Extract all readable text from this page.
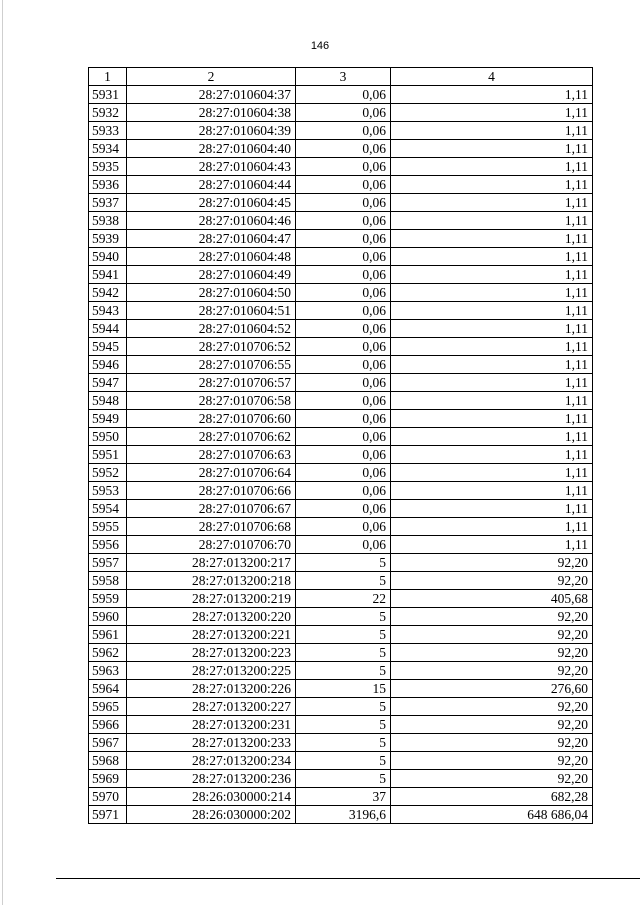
146
1	2	3	4
5931	28:27:010604:37	0,06	1,11
5932	28:27:010604:38	0,06	1,11
5933	28:27:010604:39	0,06	1,11
5934	28:27:010604:40	0,06	1,11
5935	28:27:010604:43	0,06	1,11
5936	28:27:010604:44	0,06	1,11
5937	28:27:010604:45	0,06	1,11
5938	28:27:010604:46	0,06	1,11
5939	28:27:010604:47	0,06	1,11
5940	28:27:010604:48	0,06	1,11
5941	28:27:010604:49	0,06	1,11
5942	28:27:010604:50	0,06	1,11
5943	28:27:010604:51	0,06	1,11
5944	28:27:010604:52	0,06	1,11
5945	28:27:010706:52	0,06	1,11
5946	28:27:010706:55	0,06	1,11
5947	28:27:010706:57	0,06	1,11
5948	28:27:010706:58	0,06	1,11
5949	28:27:010706:60	0,06	1,11
5950	28:27:010706:62	0,06	1,11
5951	28:27:010706:63	0,06	1,11
5952	28:27:010706:64	0,06	1,11
5953	28:27:010706:66	0,06	1,11
5954	28:27:010706:67	0,06	1,11
5955	28:27:010706:68	0,06	1,11
5956	28:27:010706:70	0,06	1,11
5957	28:27:013200:217	5	92,20
5958	28:27:013200:218	5	92,20
5959	28:27:013200:219	22	405,68
5960	28:27:013200:220	5	92,20
5961	28:27:013200:221	5	92,20
5962	28:27:013200:223	5	92,20
5963	28:27:013200:225	5	92,20
5964	28:27:013200:226	15	276,60
5965	28:27:013200:227	5	92,20
5966	28:27:013200:231	5	92,20
5967	28:27:013200:233	5	92,20
5968	28:27:013200:234	5	92,20
5969	28:27:013200:236	5	92,20
5970	28:26:030000:214	37	682,28
5971	28:26:030000:202	3196,6	648 686,04
